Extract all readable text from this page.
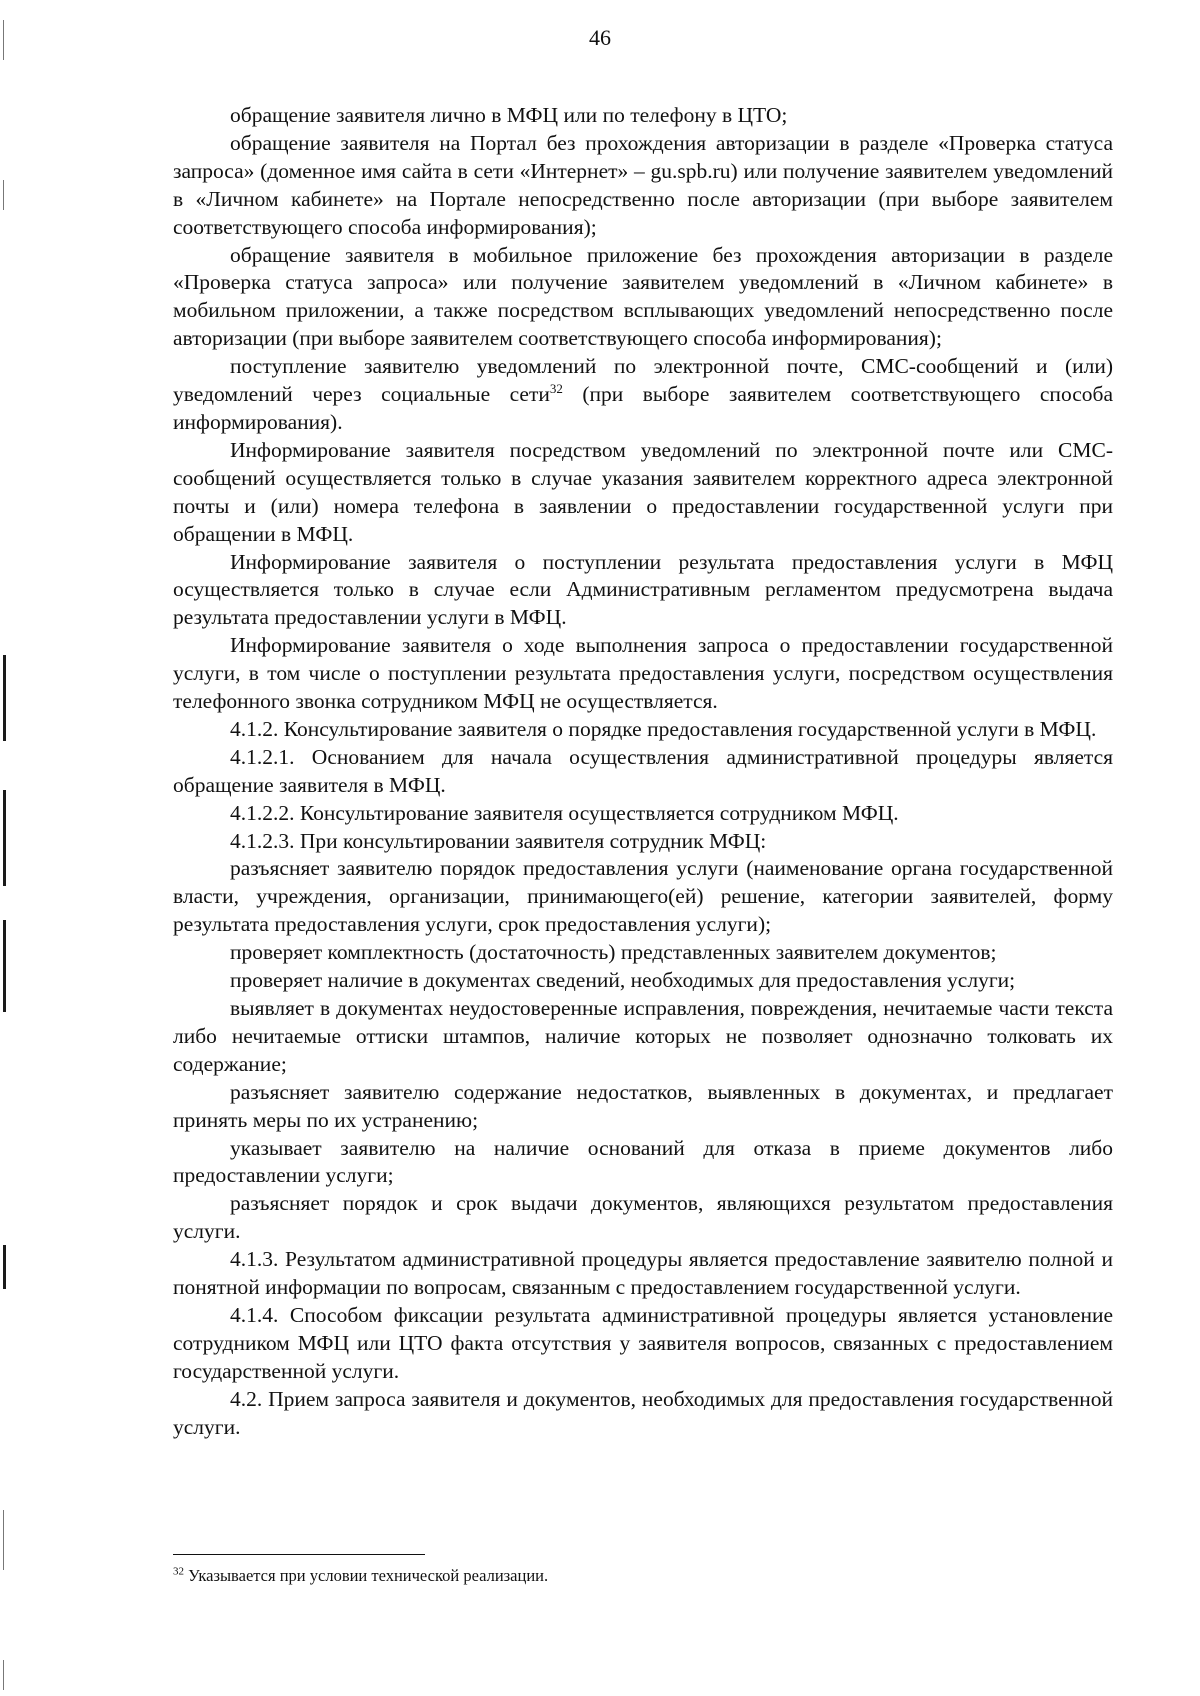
46

обращение заявителя лично в МФЦ или по телефону в ЦТО;

обращение заявителя на Портал без прохождения авторизации в разделе «Проверка статуса запроса» (доменное имя сайта в сети «Интернет» – gu.spb.ru) или получение заявителем уведомлений в «Личном кабинете» на Портале непосредственно после авторизации (при выборе заявителем соответствующего способа информирования);

обращение заявителя в мобильное приложение без прохождения авторизации в разделе «Проверка статуса запроса» или получение заявителем уведомлений в «Личном кабинете» в мобильном приложении, а также посредством всплывающих уведомлений непосредственно после авторизации (при выборе заявителем соответствующего способа информирования);

поступление заявителю уведомлений по электронной почте, СМС-сообщений и (или) уведомлений через социальные сети$^{32}$ (при выборе заявителем соответствующего способа информирования).

Информирование заявителя посредством уведомлений по электронной почте или СМС-сообщений осуществляется только в случае указания заявителем корректного адреса электронной почты и (или) номера телефона в заявлении о предоставлении государственной услуги при обращении в МФЦ.

Информирование заявителя о поступлении результата предоставления услуги в МФЦ осуществляется только в случае если Административным регламентом предусмотрена выдача результата предоставлении услуги в МФЦ.

Информирование заявителя о ходе выполнения запроса о предоставлении государственной услуги, в том числе о поступлении результата предоставления услуги, посредством осуществления телефонного звонка сотрудником МФЦ не осуществляется.

4.1.2. Консультирование заявителя о порядке предоставления государственной услуги в МФЦ.

4.1.2.1. Основанием для начала осуществления административной процедуры является обращение заявителя в МФЦ.

4.1.2.2. Консультирование заявителя осуществляется сотрудником МФЦ.

4.1.2.3. При консультировании заявителя сотрудник МФЦ:

разъясняет заявителю порядок предоставления услуги (наименование органа государственной власти, учреждения, организации, принимающего(ей) решение, категории заявителей, форму результата предоставления услуги, срок предоставления услуги);

проверяет комплектность (достаточность) представленных заявителем документов;

проверяет наличие в документах сведений, необходимых для предоставления услуги;

выявляет в документах неудостоверенные исправления, повреждения, нечитаемые части текста либо нечитаемые оттиски штампов, наличие которых не позволяет однозначно толковать их содержание;

разъясняет заявителю содержание недостатков, выявленных в документах, и предлагает принять меры по их устранению;

указывает заявителю на наличие оснований для отказа в приеме документов либо предоставлении услуги;

разъясняет порядок и срок выдачи документов, являющихся результатом предоставления услуги.

4.1.3. Результатом административной процедуры является предоставление заявителю полной и понятной информации по вопросам, связанным с предоставлением государственной услуги.

4.1.4. Способом фиксации результата административной процедуры является установление сотрудником МФЦ или ЦТО факта отсутствия у заявителя вопросов, связанных с предоставлением государственной услуги.

4.2. Прием запроса заявителя и документов, необходимых для предоставления государственной услуги.

$^{32}$ Указывается при условии технической реализации.
